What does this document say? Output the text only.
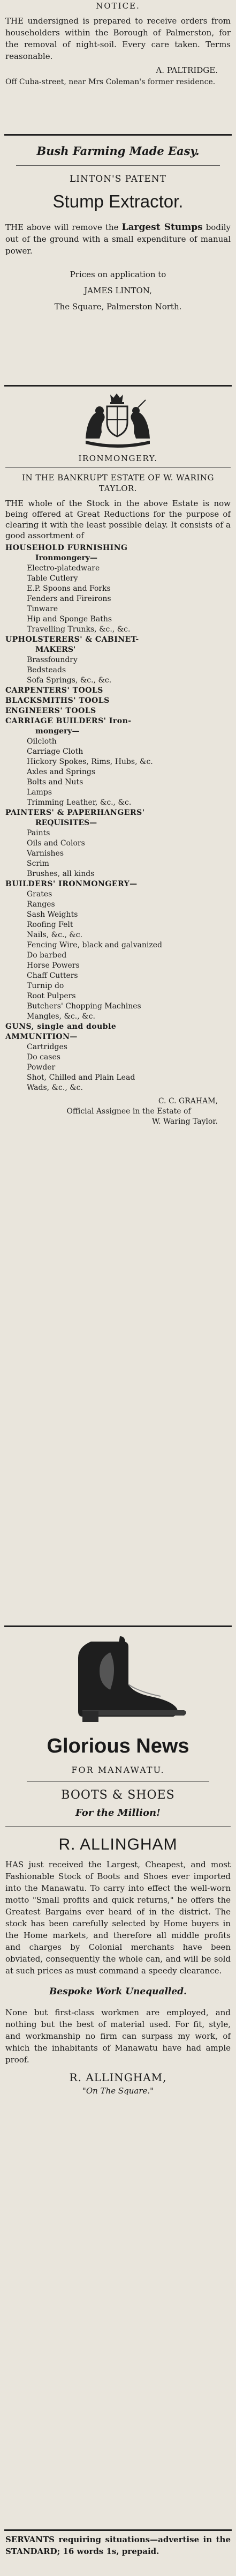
NOTICE.
THE undersigned is prepared to receive orders from householders within the Borough of Palmerston, for the removal of night-soil. Every care taken. Terms reasonable.
A. PALTRIDGE.
Off Cuba-street, near Mrs Coleman's former residence.
Bush Farming Made Easy.
LINTON'S PATENT
Stump Extractor.
THE above will remove the Largest Stumps bodily out of the ground with a small expenditure of manual power.
Prices on application to
JAMES LINTON,
The Square, Palmerston North.
IRONMONGERY.
IN THE BANKRUPT ESTATE OF W. WARING TAYLOR.
THE whole of the Stock in the above Estate is now being offered at Great Reductions for the purpose of clearing it with the least possible delay. It consists of a good assortment of
HOUSEHOLD FURNISHING
Ironmongery—
Electro-platedware
Table Cutlery
E.P. Spoons and Forks
Fenders and Fireirons
Tinware
Hip and Sponge Baths
Travelling Trunks, &c., &c.
UPHOLSTERERS' & CABINET-
MAKERS'
Brassfoundry
Bedsteads
Sofa Springs, &c., &c.
CARPENTERS' TOOLS
BLACKSMITHS' TOOLS
ENGINEERS' TOOLS
CARRIAGE BUILDERS' Iron-
mongery—
Oilcloth
Carriage Cloth
Hickory Spokes, Rims, Hubs, &c.
Axles and Springs
Bolts and Nuts
Lamps
Trimming Leather, &c., &c.
PAINTERS' & PAPERHANGERS'
REQUISITES—
Paints
Oils and Colors
Varnishes
Scrim
Brushes, all kinds
BUILDERS' IRONMONGERY—
Grates
Ranges
Sash Weights
Roofing Felt
Nails, &c., &c.
Fencing Wire, black and galvanized
Do barbed
Horse Powers
Chaff Cutters
Turnip do
Root Pulpers
Butchers' Chopping Machines
Mangles, &c., &c.
GUNS, single and double
AMMUNITION—
Cartridges
Do cases
Powder
Shot, Chilled and Plain Lead
Wads, &c., &c.
C. C. GRAHAM,
Official Assignee in the Estate of
W. Waring Taylor.
Glorious News
FOR MANAWATU.
BOOTS & SHOES
For the Million!
R. ALLINGHAM
HAS just received the Largest, Cheapest, and most Fashionable Stock of Boots and Shoes ever imported into the Manawatu. To carry into effect the well-worn motto "Small profits and quick returns," he offers the Greatest Bargains ever heard of in the district. The stock has been carefully selected by Home buyers in the Home markets, and therefore all middle profits and charges by Colonial merchants have been obviated, consequently the whole can, and will be sold at such prices as must command a speedy clearance.
Bespoke Work Unequalled.
None but first-class workmen are employed, and nothing but the best of material used. For fit, style, and workmanship no firm can surpass my work, of which the inhabitants of Manawatu have had ample proof.
R. ALLINGHAM,
"On The Square."
SERVANTS requiring situations—advertise in the STANDARD; 16 words 1s, prepaid.
